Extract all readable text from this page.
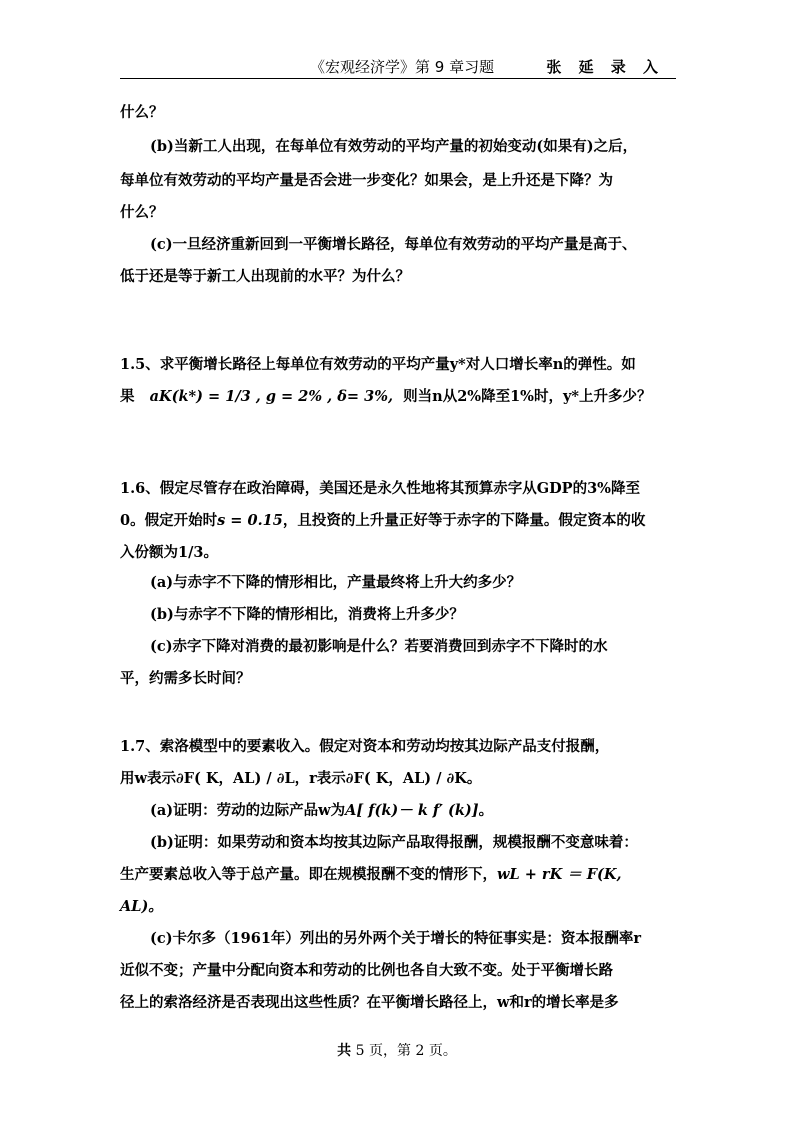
《宏观经济学》第 9 章习题	张 延 录 入

什么？

(b)当新工人出现，在每单位有效劳动的平均产量的初始变动(如果有)之后，

每单位有效劳动的平均产量是否会进一步变化？如果会，是上升还是下降？为

什么？

(c)一旦经济重新回到一平衡增长路径，每单位有效劳动的平均产量是高于、

低于还是等于新工人出现前的水平？为什么？

1.5、求平衡增长路径上每单位有效劳动的平均产量y*对人口增长率n的弹性。如

果 aK(k*) = 1/3 , g = 2% , δ= 3%, 则当n从2%降至1%时，y*上升多少？

1.6、假定尽管存在政治障碍，美国还是永久性地将其预算赤字从GDP的3%降至

0。假定开始时s = 0.15，且投资的上升量正好等于赤字的下降量。假定资本的收

入份额为1/3。

(a)与赤字不下降的情形相比，产量最终将上升大约多少？

(b)与赤字不下降的情形相比，消费将上升多少？

(c)赤字下降对消费的最初影响是什么？若要消费回到赤字不下降时的水

平，约需多长时间？

1.7、索洛模型中的要素收入。假定对资本和劳动均按其边际产品支付报酬，

用w表示∂F( K，AL) / ∂L，r表示∂F( K，AL) / ∂K。

(a)证明：劳动的边际产品w为A[ f(k)－ k f′ (k)]。

(b)证明：如果劳动和资本均按其边际产品取得报酬，规模报酬不变意味着：

生产要素总收入等于总产量。即在规模报酬不变的情形下，wL + rK ＝ F(K,

AL)。

(c)卡尔多（1961年）列出的另外两个关于增长的特征事实是：资本报酬率r

近似不变；产量中分配向资本和劳动的比例也各自大致不变。处于平衡增长路

径上的索洛经济是否表现出这些性质？在平衡增长路径上，w和r的增长率是多

共 5 页，第 2 页。
